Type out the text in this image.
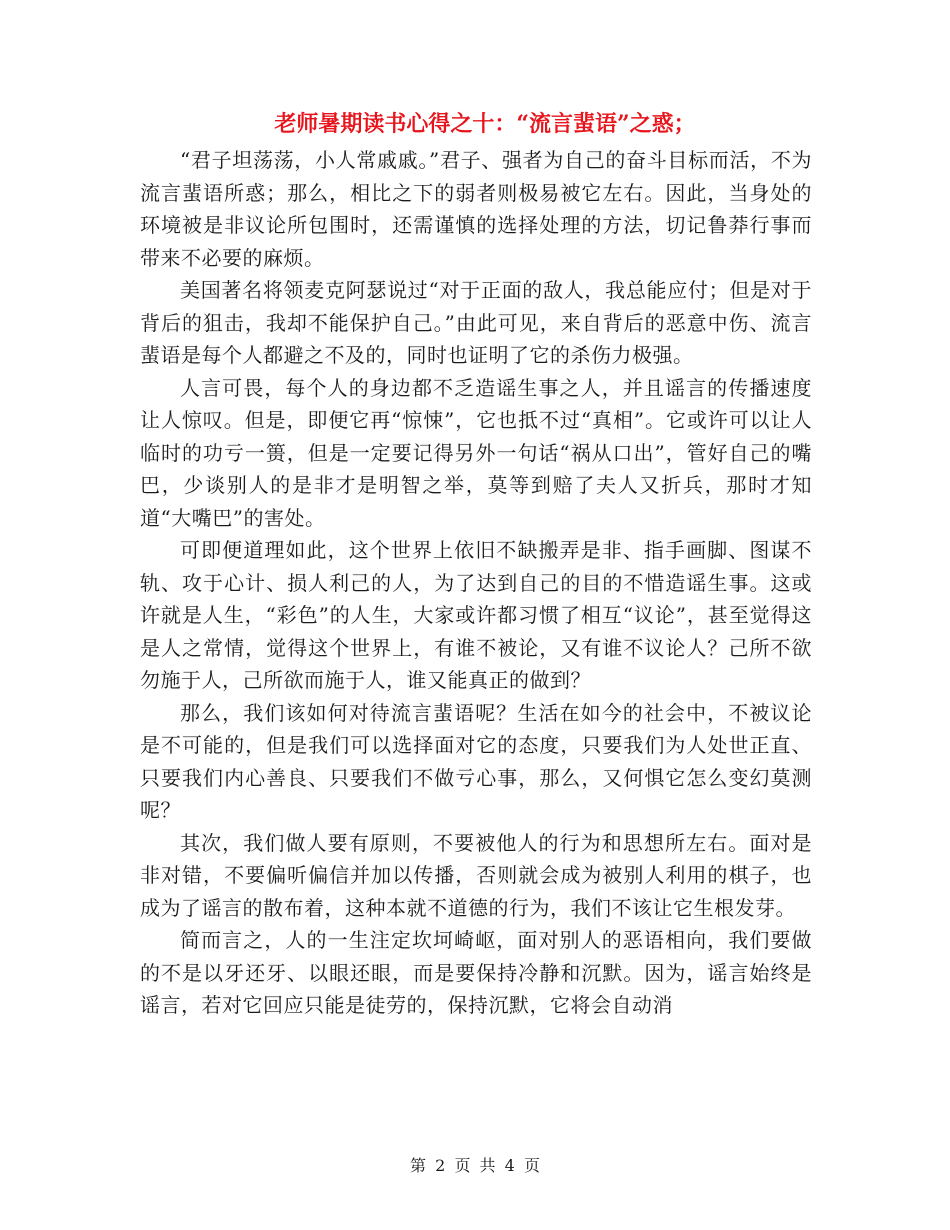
老师暑期读书心得之十：“流言蜚语”之惑；

“君子坦荡荡，小人常戚戚。”君子、强者为自己的奋斗目标而活，不为流言蜚语所惑；那么，相比之下的弱者则极易被它左右。因此，当身处的环境被是非议论所包围时，还需谨慎的选择处理的方法，切记鲁莽行事而带来不必要的麻烦。

美国著名将领麦克阿瑟说过“对于正面的敌人，我总能应付；但是对于背后的狙击，我却不能保护自己。”由此可见，来自背后的恶意中伤、流言蜚语是每个人都避之不及的，同时也证明了它的杀伤力极强。

人言可畏，每个人的身边都不乏造谣生事之人，并且谣言的传播速度让人惊叹。但是，即便它再“惊悚”，它也抵不过“真相”。它或许可以让人临时的功亏一篑，但是一定要记得另外一句话“祸从口出”，管好自己的嘴巴，少谈别人的是非才是明智之举，莫等到赔了夫人又折兵，那时才知道“大嘴巴”的害处。

可即便道理如此，这个世界上依旧不缺搬弄是非、指手画脚、图谋不轨、攻于心计、损人利己的人，为了达到自己的目的不惜造谣生事。这或许就是人生，“彩色”的人生，大家或许都习惯了相互“议论”，甚至觉得这是人之常情，觉得这个世界上，有谁不被论，又有谁不议论人？己所不欲勿施于人，己所欲而施于人，谁又能真正的做到？

那么，我们该如何对待流言蜚语呢？生活在如今的社会中，不被议论是不可能的，但是我们可以选择面对它的态度，只要我们为人处世正直、只要我们内心善良、只要我们不做亏心事，那么，又何惧它怎么变幻莫测呢？

其次，我们做人要有原则，不要被他人的行为和思想所左右。面对是非对错，不要偏听偏信并加以传播，否则就会成为被别人利用的棋子，也成为了谣言的散布着，这种本就不道德的行为，我们不该让它生根发芽。

简而言之，人的一生注定坎坷崎岖，面对别人的恶语相向，我们要做的不是以牙还牙、以眼还眼，而是要保持冷静和沉默。因为，谣言始终是谣言，若对它回应只能是徒劳的，保持沉默，它将会自动消

第 2 页 共 4 页
